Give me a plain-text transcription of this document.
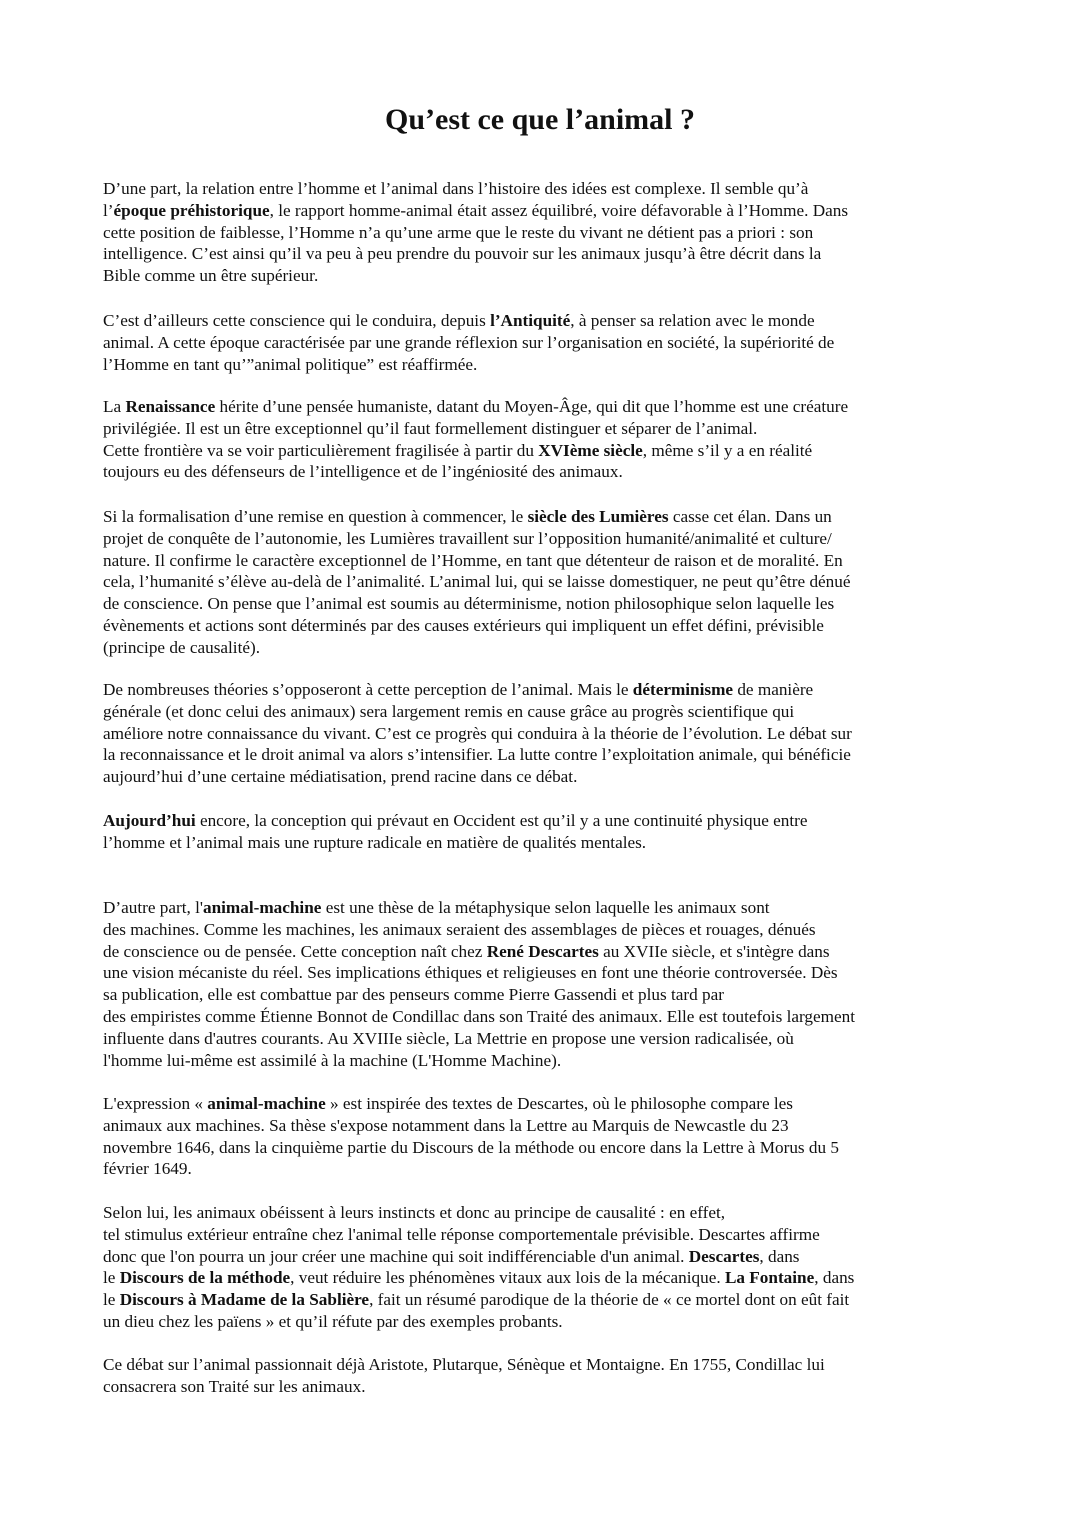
Qu’est ce que l’animal ?

D’une part, la relation entre l’homme et l’animal dans l’histoire des idées est complexe. Il semble qu’à
l’époque préhistorique, le rapport homme-animal était assez équilibré, voire défavorable à l’Homme. Dans
cette position de faiblesse, l’Homme n’a qu’une arme que le reste du vivant ne détient pas a priori : son
intelligence. C’est ainsi qu’il va peu à peu prendre du pouvoir sur les animaux jusqu’à être décrit dans la
Bible comme un être supérieur.

C’est d’ailleurs cette conscience qui le conduira, depuis l’Antiquité, à penser sa relation avec le monde
animal. A cette époque caractérisée par une grande réflexion sur l’organisation en société, la supériorité de
l’Homme en tant qu’”animal politique” est réaffirmée.

La Renaissance hérite d’une pensée humaniste, datant du Moyen-Âge, qui dit que l’homme est une créature
privilégiée. Il est un être exceptionnel qu’il faut formellement distinguer et séparer de l’animal.
Cette frontière va se voir particulièrement fragilisée à partir du XVIème siècle, même s’il y a en réalité
toujours eu des défenseurs de l’intelligence et de l’ingéniosité des animaux.

Si la formalisation d’une remise en question à commencer, le siècle des Lumières casse cet élan. Dans un
projet de conquête de l’autonomie, les Lumières travaillent sur l’opposition humanité/animalité et culture/
nature. Il confirme le caractère exceptionnel de l’Homme, en tant que détenteur de raison et de moralité. En
cela, l’humanité s’élève au-delà de l’animalité. L’animal lui, qui se laisse domestiquer, ne peut qu’être dénué
de conscience. On pense que l’animal est soumis au déterminisme, notion philosophique selon laquelle les
évènements et actions sont déterminés par des causes extérieurs qui impliquent un effet défini, prévisible
(principe de causalité).

De nombreuses théories s’opposeront à cette perception de l’animal. Mais le déterminisme de manière
générale (et donc celui des animaux) sera largement remis en cause grâce au progrès scientifique qui
améliore notre connaissance du vivant. C’est ce progrès qui conduira à la théorie de l’évolution. Le débat sur
la reconnaissance et le droit animal va alors s’intensifier. La lutte contre l’exploitation animale, qui bénéficie
aujourd’hui d’une certaine médiatisation, prend racine dans ce débat.

Aujourd’hui encore, la conception qui prévaut en Occident est qu’il y a une continuité physique entre
l’homme et l’animal mais une rupture radicale en matière de qualités mentales.

D’autre part, l'animal-machine est une thèse de la métaphysique selon laquelle les animaux sont
des machines. Comme les machines, les animaux seraient des assemblages de pièces et rouages, dénués
de conscience ou de pensée. Cette conception naît chez René Descartes au XVIIe siècle, et s'intègre dans
une vision mécaniste du réel. Ses implications éthiques et religieuses en font une théorie controversée. Dès
sa publication, elle est combattue par des penseurs comme Pierre Gassendi et plus tard par
des empiristes comme Étienne Bonnot de Condillac dans son Traité des animaux. Elle est toutefois largement
influente dans d'autres courants. Au XVIIIe siècle, La Mettrie en propose une version radicalisée, où
l'homme lui-même est assimilé à la machine (L'Homme Machine).

L'expression « animal-machine » est inspirée des textes de Descartes, où le philosophe compare les
animaux aux machines. Sa thèse s'expose notamment dans la Lettre au Marquis de Newcastle du 23
novembre 1646, dans la cinquième partie du Discours de la méthode ou encore dans la Lettre à Morus du 5
février 1649.

Selon lui, les animaux obéissent à leurs instincts et donc au principe de causalité : en effet,
tel stimulus extérieur entraîne chez l'animal telle réponse comportementale prévisible. Descartes affirme
donc que l'on pourra un jour créer une machine qui soit indifférenciable d'un animal. Descartes, dans
le Discours de la méthode, veut réduire les phénomènes vitaux aux lois de la mécanique. La Fontaine, dans
le Discours à Madame de la Sablière, fait un résumé parodique de la théorie de « ce mortel dont on eût fait
un dieu chez les païens » et qu’il réfute par des exemples probants.

Ce débat sur l’animal passionnait déjà Aristote, Plutarque, Sénèque et Montaigne. En 1755, Condillac lui
consacrera son Traité sur les animaux.
